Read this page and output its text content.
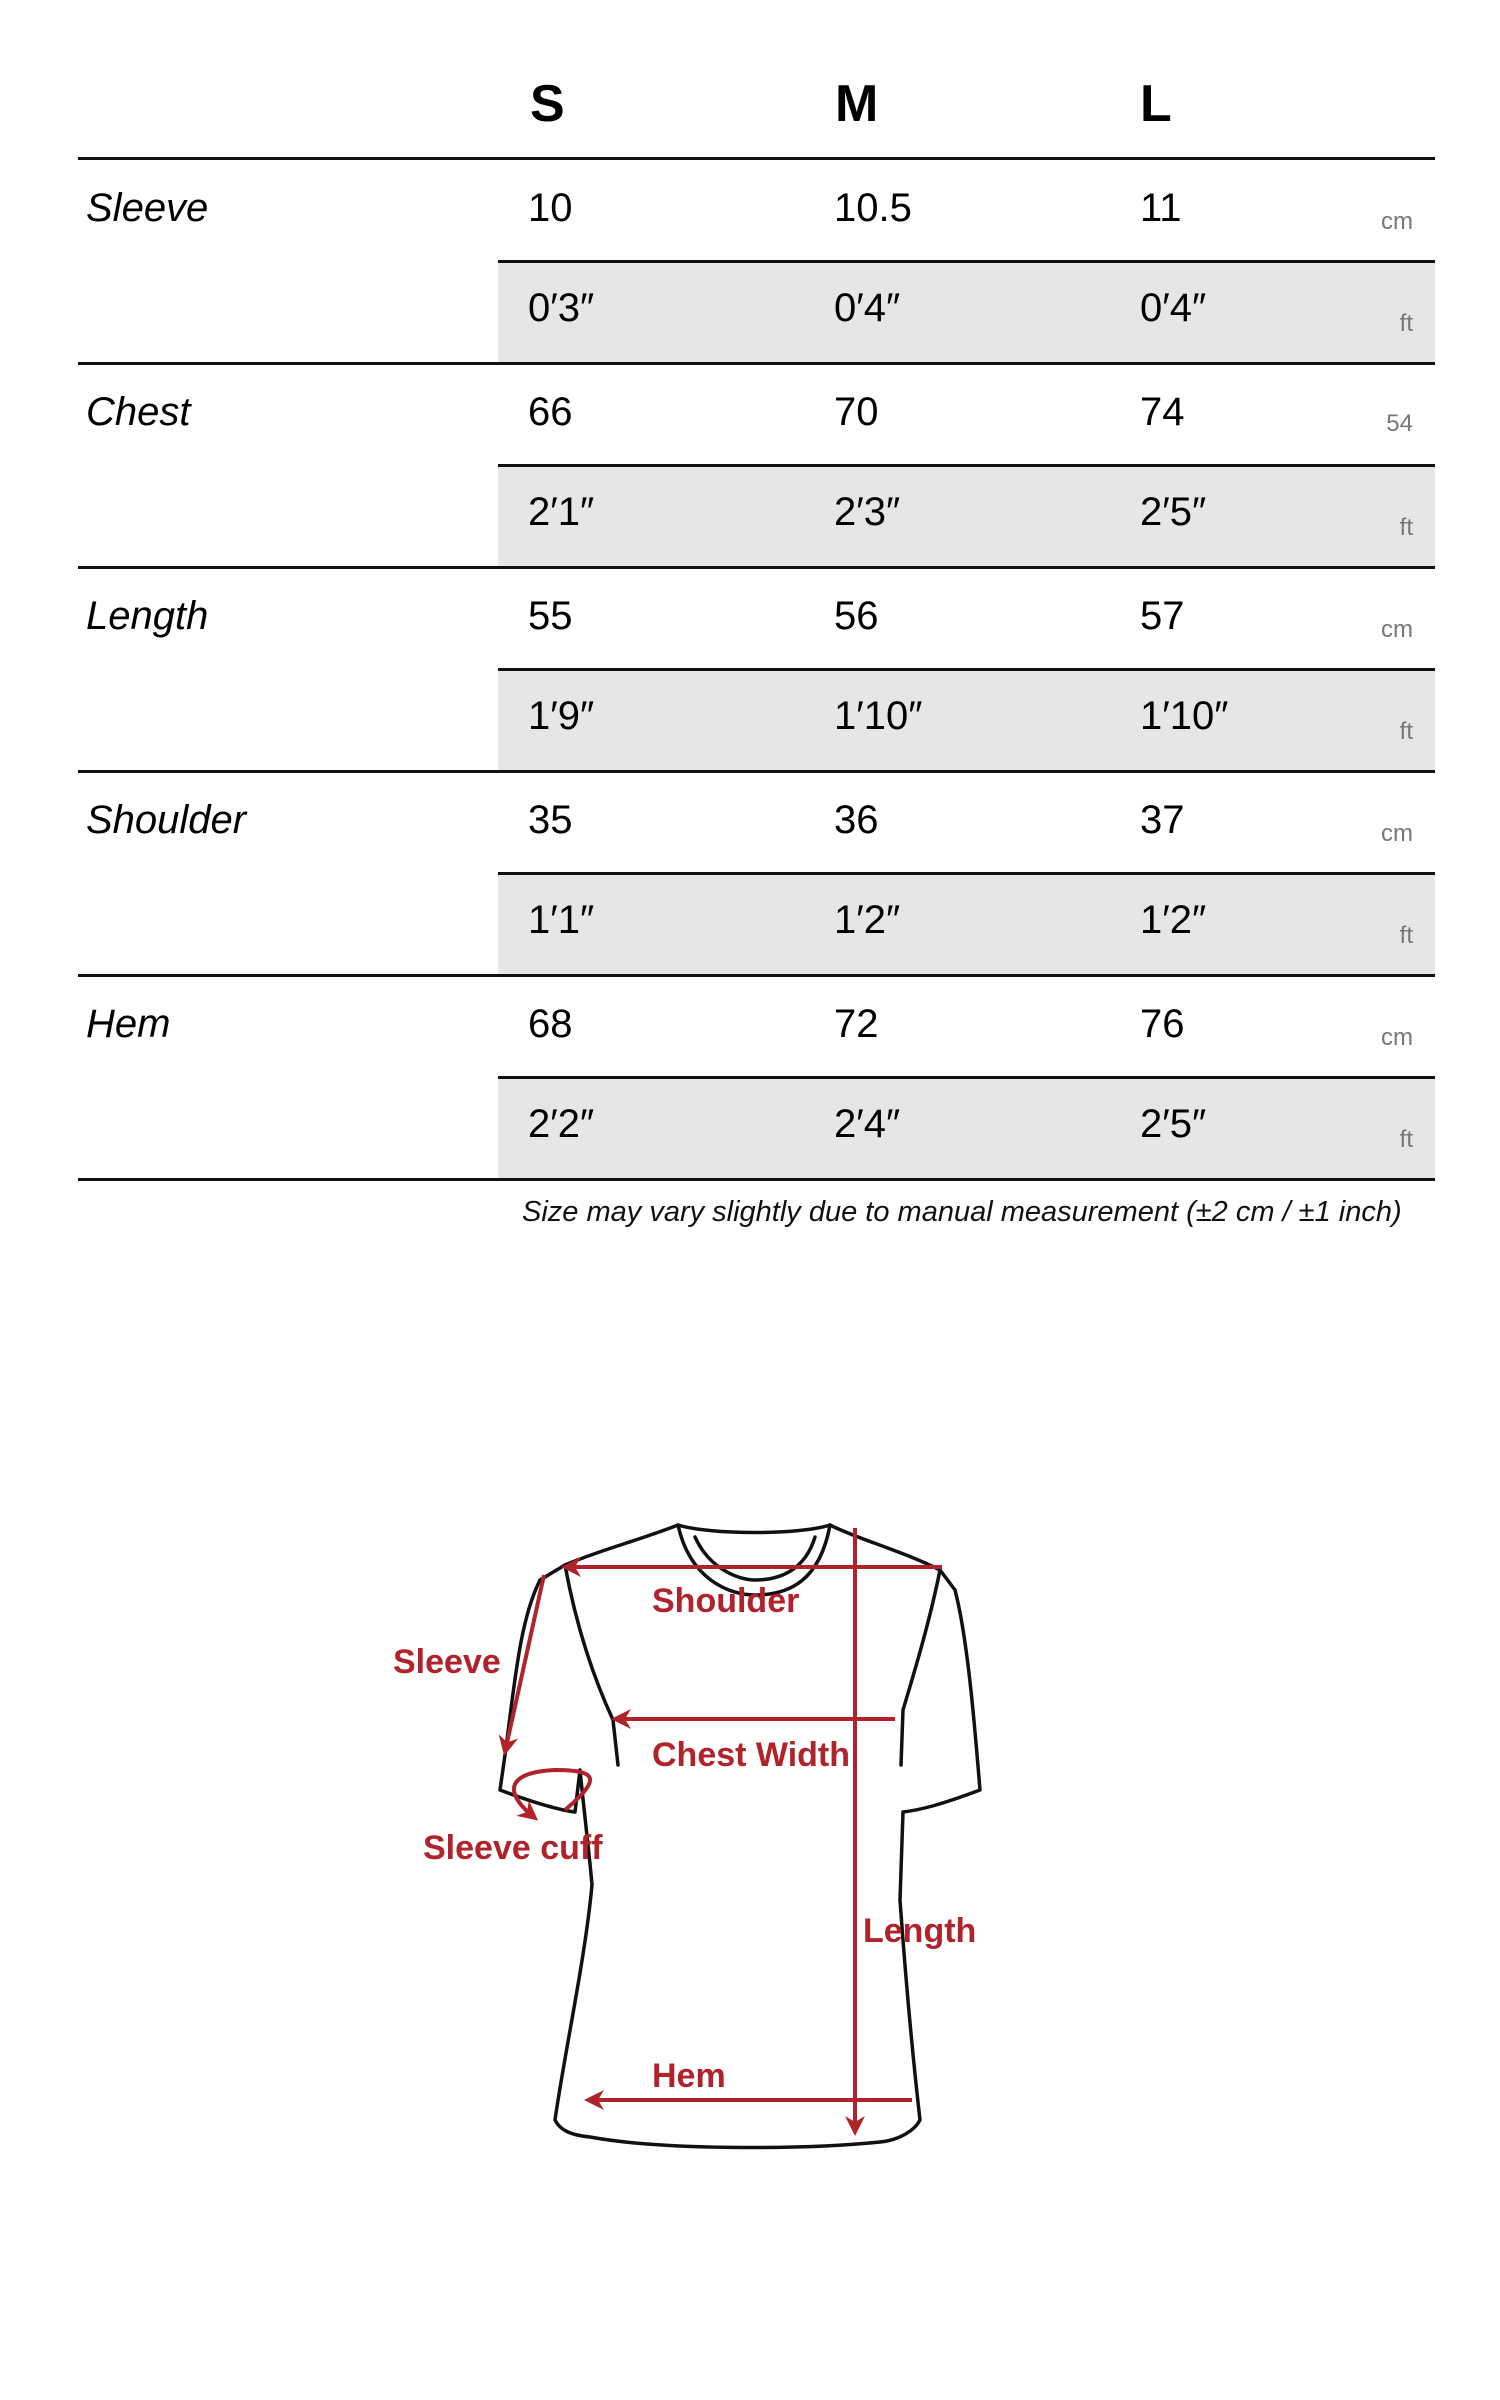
S	M	L
Sleeve	10	10.5	11	cm
0′3″	0′4″	0′4″	ft
Chest	66	70	74	54
2′1″	2′3″	2′5″	ft
Length	55	56	57	cm
1′9″	1′10″	1′10″	ft
Shoulder	35	36	37	cm
1′1″	1′2″	1′2″	ft
Hem	68	72	76	cm
2′2″	2′4″	2′5″	ft
Size may vary slightly due to manual measurement (±2 cm / ±1 inch)
Shoulder
Sleeve
Chest Width
Sleeve cuff
Length
Hem
